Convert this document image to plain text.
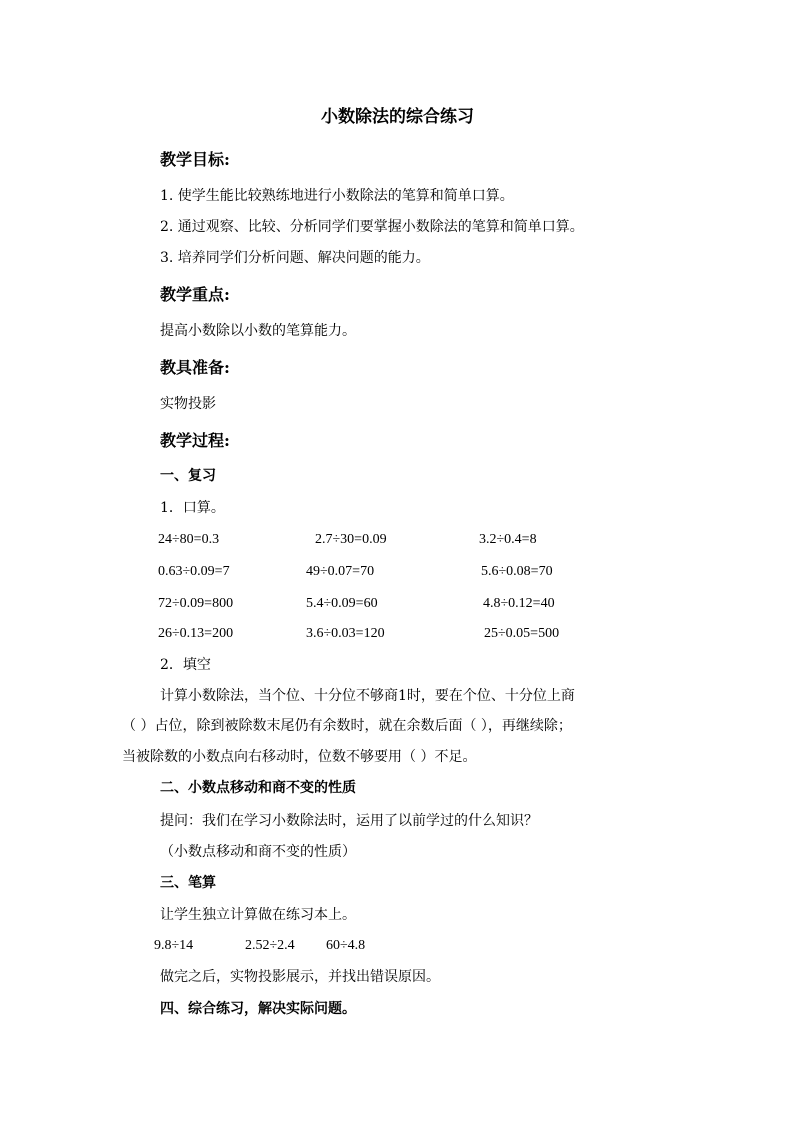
小数除法的综合练习
教学目标:
1. 使学生能比较熟练地进行小数除法的笔算和简单口算。
2. 通过观察、比较、分析同学们要掌握小数除法的笔算和简单口算。
3. 培养同学们分析问题、解决问题的能力。
教学重点:
提高小数除以小数的笔算能力。
教具准备:
实物投影
教学过程:
一、复习
1．口算。
24÷80=0.3	2.7÷30=0.09	3.2÷0.4=8
0.63÷0.09=7	49÷0.07=70	5.6÷0.08=70
72÷0.09=800	5.4÷0.09=60	4.8÷0.12=40
26÷0.13=200	3.6÷0.03=120	25÷0.05=500
2．填空
计算小数除法，当个位、十分位不够商1时，要在个位、十分位上商
（ ）占位，除到被除数末尾仍有余数时，就在余数后面（ ），再继续除；
当被除数的小数点向右移动时，位数不够要用（ ）不足。
二、小数点移动和商不变的性质
提问：我们在学习小数除法时，运用了以前学过的什么知识？
（小数点移动和商不变的性质）
三、笔算
让学生独立计算做在练习本上。
9.8÷14	2.52÷2.4 60÷4.8
做完之后，实物投影展示，并找出错误原因。
四、综合练习，解决实际问题。
